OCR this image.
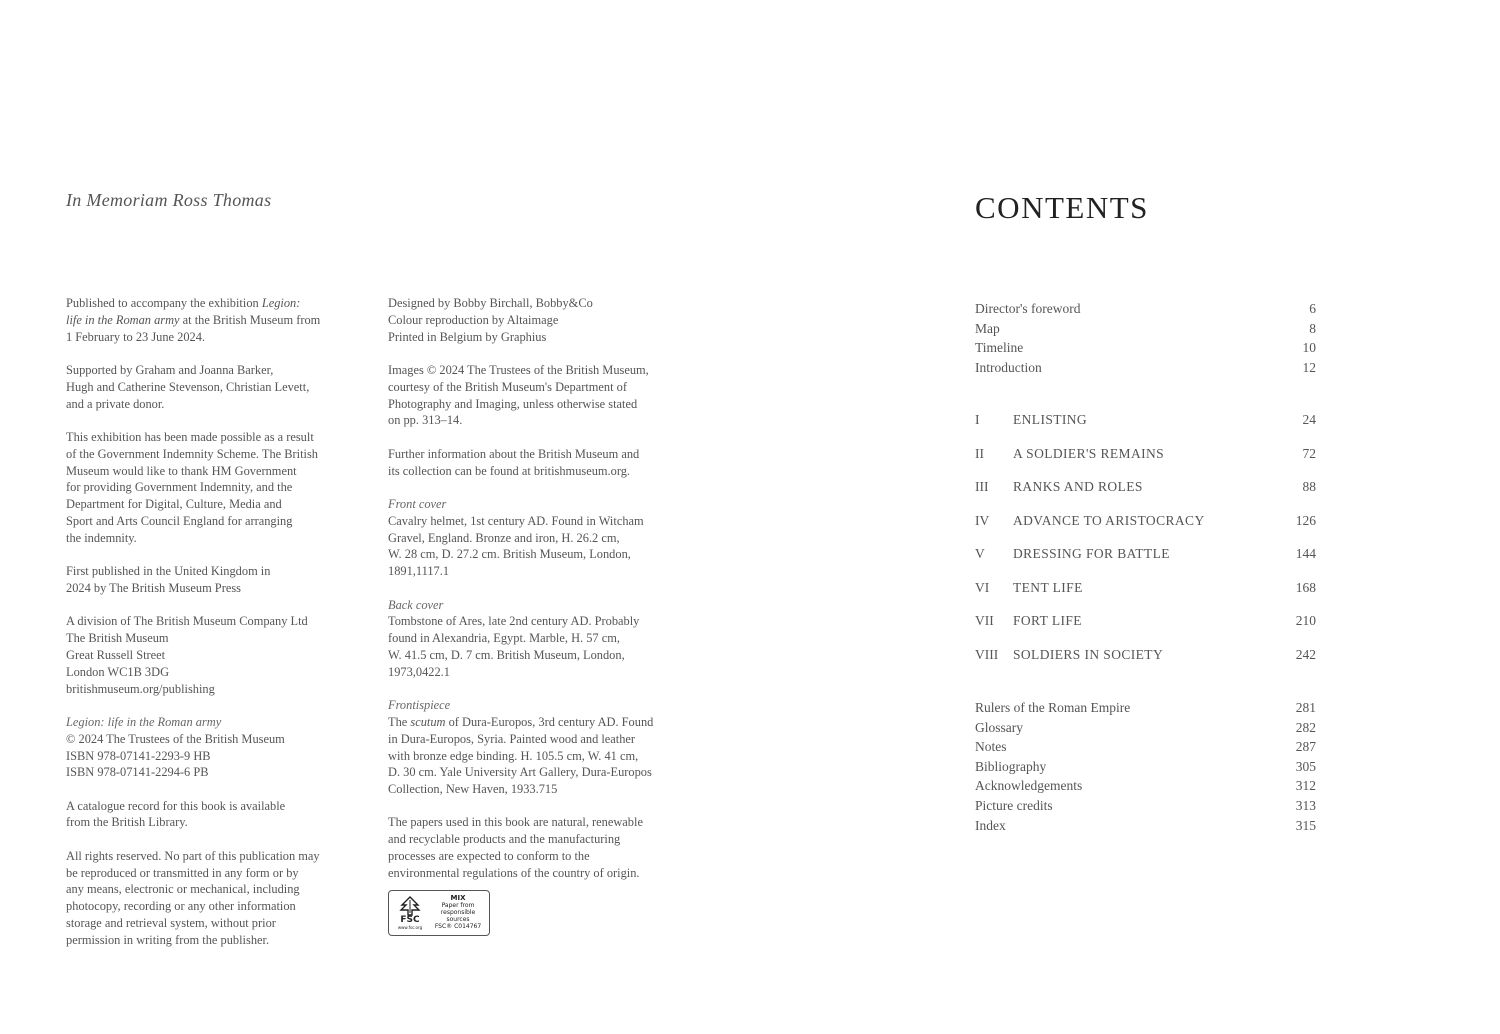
In Memoriam Ross Thomas

Published to accompany the exhibition Legion:
life in the Roman army at the British Museum from
1 February to 23 June 2024.

Supported by Graham and Joanna Barker,
Hugh and Catherine Stevenson, Christian Levett,
and a private donor.

This exhibition has been made possible as a result
of the Government Indemnity Scheme. The British
Museum would like to thank HM Government
for providing Government Indemnity, and the
Department for Digital, Culture, Media and
Sport and Arts Council England for arranging
the indemnity.

First published in the United Kingdom in
2024 by The British Museum Press

A division of The British Museum Company Ltd
The British Museum
Great Russell Street
London WC1B 3DG
britishmuseum.org/publishing

Legion: life in the Roman army
© 2024 The Trustees of the British Museum
ISBN 978-07141-2293-9 HB
ISBN 978-07141-2294-6 PB

A catalogue record for this book is available
from the British Library.

All rights reserved. No part of this publication may
be reproduced or transmitted in any form or by
any means, electronic or mechanical, including
photocopy, recording or any other information
storage and retrieval system, without prior
permission in writing from the publisher.

Designed by Bobby Birchall, Bobby&Co
Colour reproduction by Altaimage
Printed in Belgium by Graphius

Images © 2024 The Trustees of the British Museum,
courtesy of the British Museum's Department of
Photography and Imaging, unless otherwise stated
on pp. 313–14.

Further information about the British Museum and
its collection can be found at britishmuseum.org.

Front cover
Cavalry helmet, 1st century AD. Found in Witcham
Gravel, England. Bronze and iron, H. 26.2 cm,
W. 28 cm, D. 27.2 cm. British Museum, London,
1891,1117.1

Back cover
Tombstone of Ares, late 2nd century AD. Probably
found in Alexandria, Egypt. Marble, H. 57 cm,
W. 41.5 cm, D. 7 cm. British Museum, London,
1973,0422.1

Frontispiece
The scutum of Dura-Europos, 3rd century AD. Found
in Dura-Europos, Syria. Painted wood and leather
with bronze edge binding. H. 105.5 cm, W. 41 cm,
D. 30 cm. Yale University Art Gallery, Dura-Europos
Collection, New Haven, 1933.715

The papers used in this book are natural, renewable
and recyclable products and the manufacturing
processes are expected to conform to the
environmental regulations of the country of origin.

FSC
www.fsc.org
MIX
Paper from
responsible sources
FSC® C014767
CONTENTS
Director's foreword	6
Map	8
Timeline	10
Introduction	12
I ENLISTING	24
II A SOLDIER'S REMAINS	72
III RANKS AND ROLES	88
IV ADVANCE TO ARISTOCRACY	126
V DRESSING FOR BATTLE	144
VI TENT LIFE	168
VII FORT LIFE	210
VIII SOLDIERS IN SOCIETY	242
Rulers of the Roman Empire	281
Glossary	282
Notes	287
Bibliography	305
Acknowledgements	312
Picture credits	313
Index	315
